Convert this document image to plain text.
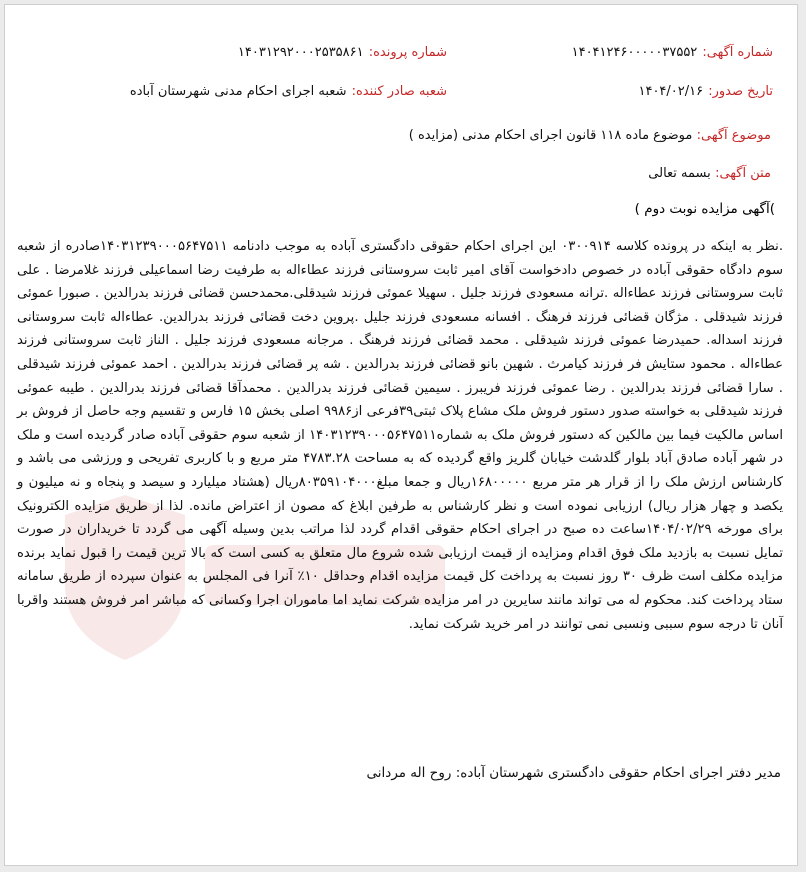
شماره آگهی: ۱۴۰۴۱۲۴۶۰۰۰۰۰۳۷۵۵۲
شماره پرونده: ۱۴۰۳۱۲۹۲۰۰۰۲۵۳۵۸۶۱
تاریخ صدور: ۱۴۰۴/۰۲/۱۶
شعبه صادر کننده: شعبه اجرای احکام مدنی شهرستان آباده
موضوع آگهی: موضوع ماده ۱۱۸ قانون اجرای احکام مدنی (مزایده )
متن آگهی: بسمه تعالی
)آگهی مزایده نوبت دوم )

.نظر به اینکه در پرونده کلاسه ۰۳۰۰۹۱۴ این اجرای احکام حقوقی دادگستری آباده به موجب دادنامه ۱۴۰۳۱۲۳۹۰۰۰۵۶۴۷۵۱۱صادره از شعبه سوم دادگاه حقوقی آباده در خصوص دادخواست آقای امیر ثابت سروستانی فرزند عطاءاله به طرفیت رضا اسماعیلی فرزند غلامرضا . علی ثابت سروستانی فرزند عطاءاله .ترانه مسعودی فرزند جلیل . سهیلا عموئی فرزند شیدقلی.محمدحسن قضائی فرزند بدرالدین . صبورا عموئی فرزند شیدقلی . مژگان قضائی فرزند فرهنگ . افسانه مسعودی فرزند جلیل .پروین دخت قضائی فرزند بدرالدین. عطاءاله ثابت سروستانی فرزند اسداله. حمیدرضا عموئی فرزند شیدقلی . محمد قضائی فرزند فرهنگ . مرجانه مسعودی فرزند جلیل . الناز ثابت سروستانی فرزند عطاءاله . محمود ستایش فر فرزند کیامرث . شهین بانو قضائی فرزند بدرالدین . شه پر قضائی فرزند بدرالدین . احمد عموئی فرزند شیدقلی . سارا قضائی فرزند بدرالدین . رضا عموئی فرزند فریبرز . سیمین قضائی فرزند بدرالدین . محمدآقا قضائی فرزند بدرالدین . طیبه عموئی فرزند شیدقلی به خواسته صدور دستور فروش ملک مشاع پلاک ثبتی۳۹فرعی از۹۹۸۶ اصلی بخش ۱۵ فارس و تقسیم وجه حاصل از فروش بر اساس مالکیت فیما بین مالکین که دستور فروش ملک به شماره۱۴۰۳۱۲۳۹۰۰۰۵۶۴۷۵۱۱ از شعبه سوم حقوقی آباده صادر گردیده است و ملک در شهر آباده صادق آباد بلوار گلدشت خیابان گلریز واقع گردیده که به مساحت ۴۷۸۳.۲۸ متر مربع و با کاربری تفریحی و ورزشی می باشد و کارشناس ارزش ملک را از قرار هر متر مربع ۱۶۸۰۰۰۰۰ریال و جمعا مبلغ۸۰۳۵۹۱۰۴۰۰۰ریال (هشتاد میلیارد و سیصد و پنجاه و نه میلیون و یکصد و چهار هزار ریال) ارزیابی نموده است و نظر کارشناس به طرفین ابلاغ که مصون از اعتراض مانده. لذا از طریق مزایده الکترونیک برای مورخه ۱۴۰۴/۰۲/۲۹ساعت ده صبح در اجرای احکام حقوقی اقدام گردد لذا مراتب بدین وسیله آگهی می گردد تا خریداران در صورت تمایل نسبت به بازدید ملک فوق اقدام ومزایده از قیمت ارزیابی شده شروع مال متعلق به کسی است که بالا ترین قیمت را قبول نماید برنده مزایده مکلف است ظرف ۳۰ روز نسبت به پرداخت کل قیمت مزایده اقدام وحداقل ۱۰٪ آنرا فی المجلس به عنوان سپرده از طریق سامانه ستاد پرداخت کند. محکوم له می تواند مانند سایرین در امر مزایده شرکت نماید اما ماموران اجرا وکسانی که مباشر امر فروش هستند واقربا آنان تا درجه سوم سببی ونسبی نمی توانند در امر خرید شرکت نماید.

مدیر دفتر اجرای احکام حقوقی دادگستری شهرستان آباده: روح اله مردانی
